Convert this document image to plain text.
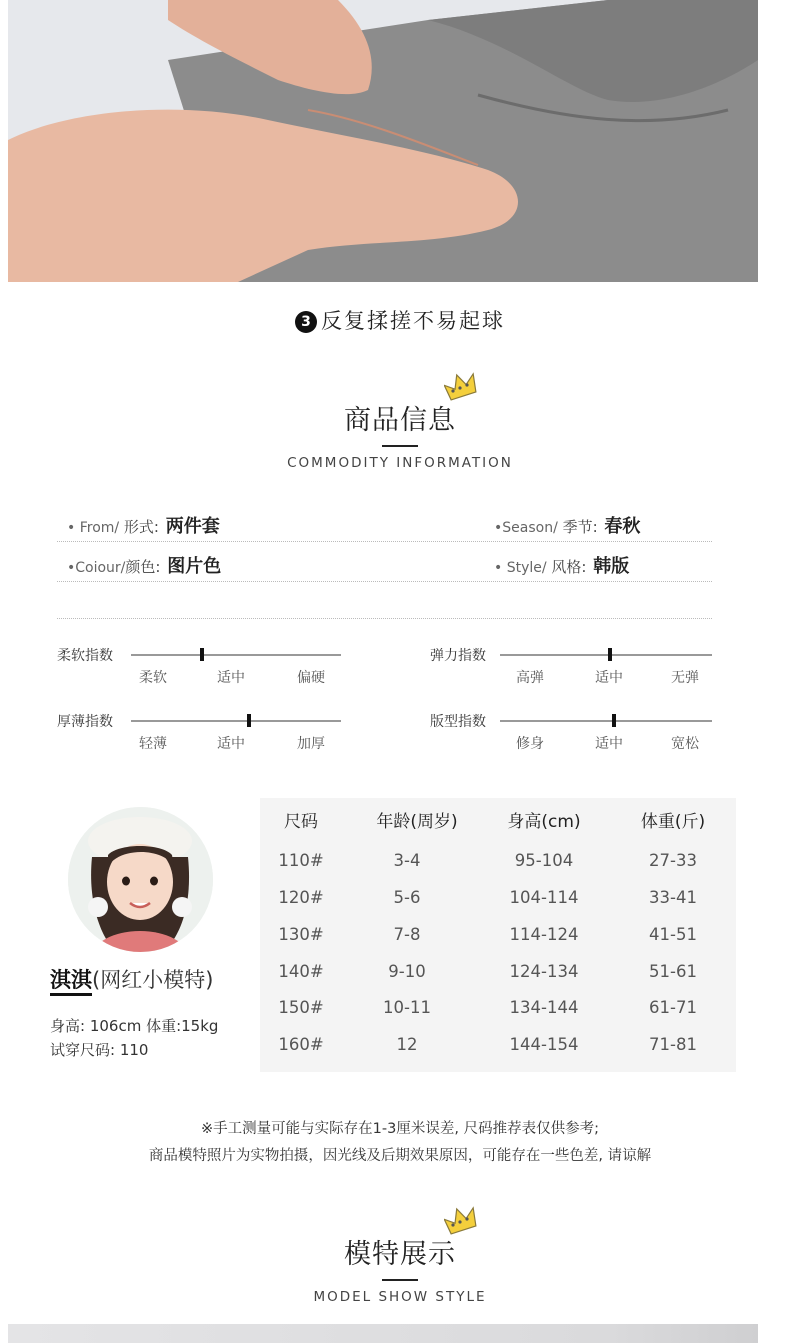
3 反复揉搓不易起球
商品信息
COMMODITY INFORMATION
• From/ 形式: 两件套	•Season/ 季节: 春秋
•Coiour/颜色: 图片色	• Style/ 风格: 韩版
柔软指数
柔软	适中	偏硬
弹力指数
高弹	适中	无弹
厚薄指数
轻薄	适中	加厚
版型指数
修身	适中	宽松
淇淇(网红小模特)
身高: 106cm 体重:15kg
试穿尺码: 110
尺码	年龄(周岁)	身高(cm)	体重(斤)
110#	3-4	95-104	27-33
120#	5-6	104-114	33-41
130#	7-8	114-124	41-51
140#	9-10	124-134	51-61
150#	10-11	134-144	61-71
160#	12	144-154	71-81
※手工测量可能与实际存在1-3厘米误差, 尺码推荐表仅供参考;
商品模特照片为实物拍摄，因光线及后期效果原因，可能存在一些色差, 请谅解
模特展示
MODEL SHOW STYLE
